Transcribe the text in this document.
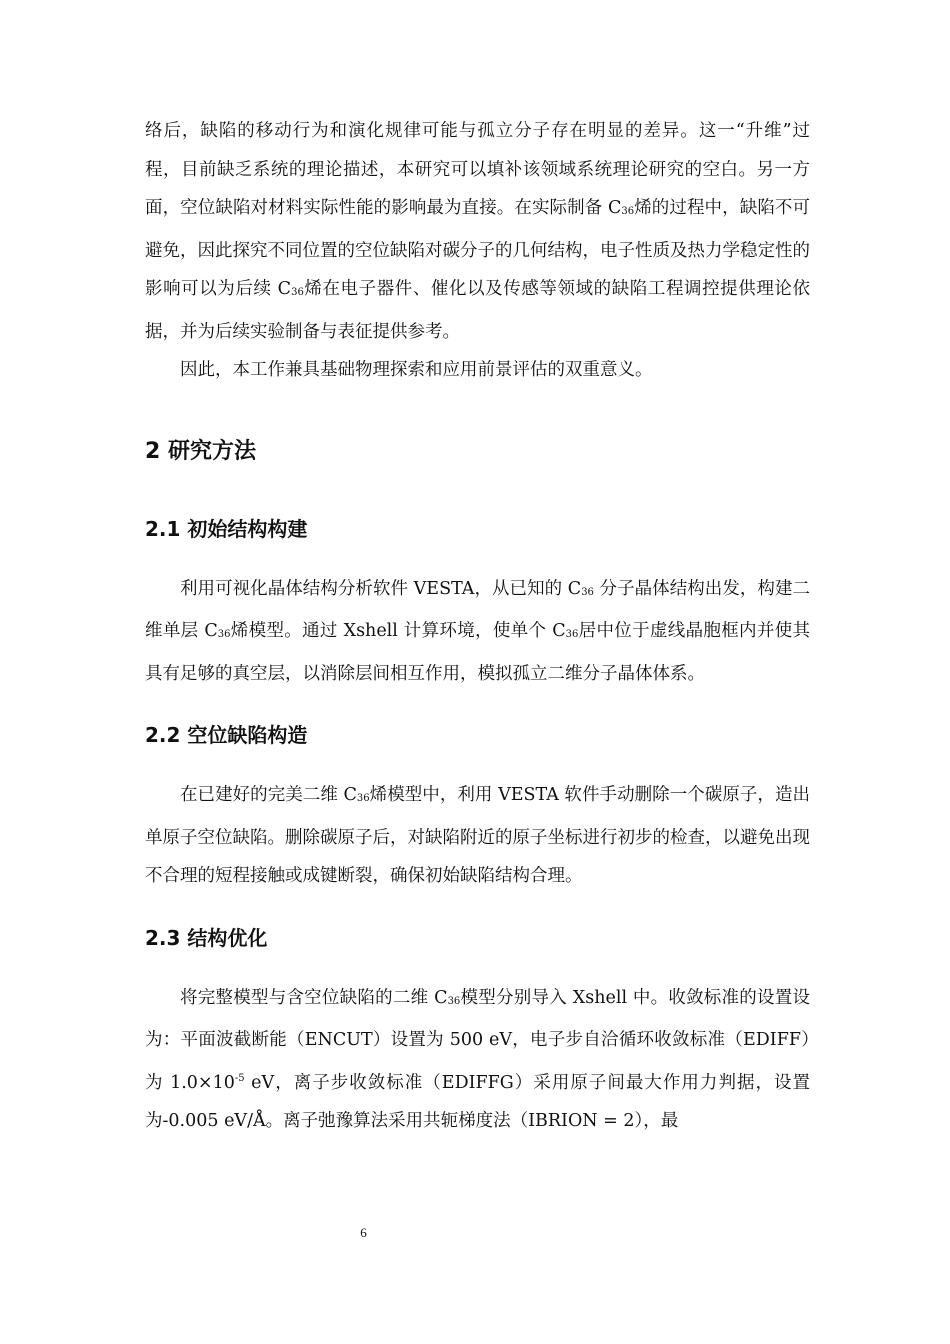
络后，缺陷的移动行为和演化规律可能与孤立分子存在明显的差异。这一“升维”过程，目前缺乏系统的理论描述，本研究可以填补该领域系统理论研究的空白。另一方面，空位缺陷对材料实际性能的影响最为直接。在实际制备 C36烯的过程中，缺陷不可避免，因此探究不同位置的空位缺陷对碳分子的几何结构，电子性质及热力学稳定性的影响可以为后续 C36烯在电子器件、催化以及传感等领域的缺陷工程调控提供理论依据，并为后续实验制备与表征提供参考。

因此，本工作兼具基础物理探索和应用前景评估的双重意义。

2 研究方法
2.1 初始结构构建

利用可视化晶体结构分析软件 VESTA，从已知的 C36 分子晶体结构出发，构建二维单层 C36烯模型。通过 Xshell 计算环境，使单个 C36居中位于虚线晶胞框内并使其具有足够的真空层，以消除层间相互作用，模拟孤立二维分子晶体体系。

2.2 空位缺陷构造

在已建好的完美二维 C36烯模型中，利用 VESTA 软件手动删除一个碳原子，造出单原子空位缺陷。删除碳原子后，对缺陷附近的原子坐标进行初步的检查，以避免出现不合理的短程接触或成键断裂，确保初始缺陷结构合理。

2.3 结构优化

将完整模型与含空位缺陷的二维 C36模型分别导入 Xshell 中。收敛标准的设置设为：平面波截断能（ENCUT）设置为 500 eV，电子步自洽循环收敛标准（EDIFF）为 $1.0\times 10^{-5}$ eV，离子步收敛标准（EDIFFG）采用原子间最大作用力判据，设置为-0.005 eV/Å。离子弛豫算法采用共轭梯度法（IBRION = 2），最

6
